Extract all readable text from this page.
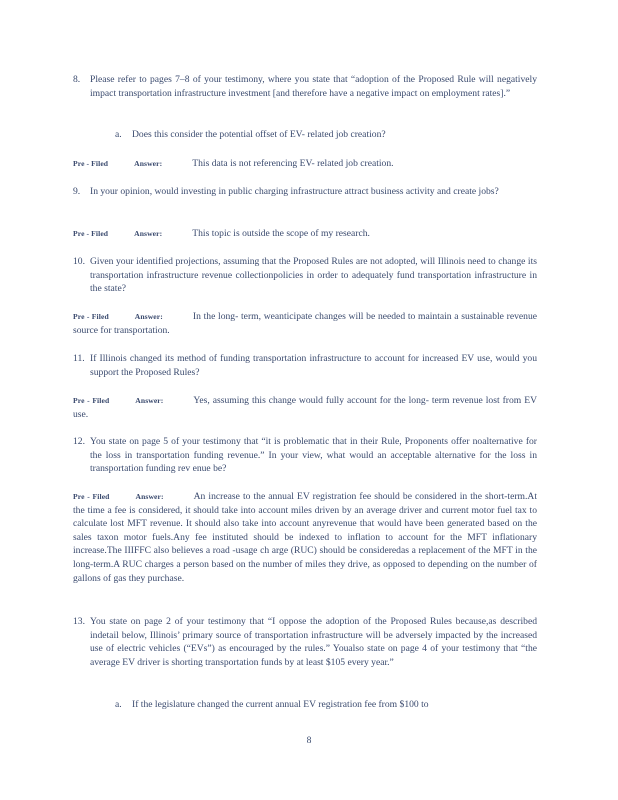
8. Please refer to pages 7–8 of your testimony, where you state that “adoption of the Proposed Rule will negatively impact transportation infrastructure investment [and therefore have a negative impact on employment rates].”
a. Does this consider the potential offset of EV- related job creation?
Pre - Filed	Answer:	This data is not referencing EV- related job creation.
9. In your opinion, would investing in public charging infrastructure attract business activity and create jobs?
Pre - Filed	Answer:	This topic is outside the scope of my research.
10. Given your identified projections, assuming that the Proposed Rules are not adopted, will Illinois need to change its transportation infrastructure revenue collectionpolicies in order to adequately fund transportation infrastructure in the state?
Pre - Filed	Answer:	In the long- term, weanticipate changes will be needed to maintain a sustainable revenue source for transportation.
11. If Illinois changed its method of funding transportation infrastructure to account for increased EV use, would you support the Proposed Rules?
Pre - Filed	Answer:	Yes, assuming this change would fully account for the long- term revenue lost from EV use.
12. You state on page 5 of your testimony that “it is problematic that in their Rule, Proponents offer noalternative for the loss in transportation funding revenue.” In your view, what would an acceptable alternative for the loss in transportation funding rev enue be?
Pre - Filed	Answer:	An increase to the annual EV registration fee should be considered in the short-term.At the time a fee is considered, it should take into account miles driven by an average driver and current motor fuel tax to calculate lost MFT revenue. It should also take into account anyrevenue that would have been generated based on the sales taxon motor fuels.Any fee instituted should be indexed to inflation to account for the MFT inflationary increase.The IIIFFC also believes a road -usage ch arge (RUC) should be consideredas a replacement of the MFT in the long-term.A RUC charges a person based on the number of miles they drive, as opposed to depending on the number of gallons of gas they purchase.
13. You state on page 2 of your testimony that “I oppose the adoption of the Proposed Rules because,as described indetail below, Illinois’ primary source of transportation infrastructure will be adversely impacted by the increased use of electric vehicles (“EVs”) as encouraged by the rules.” Youalso state on page 4 of your testimony that “the average EV driver is shorting transportation funds by at least $105 every year.”
a. If the legislature changed the current annual EV registration fee from $100 to
8
